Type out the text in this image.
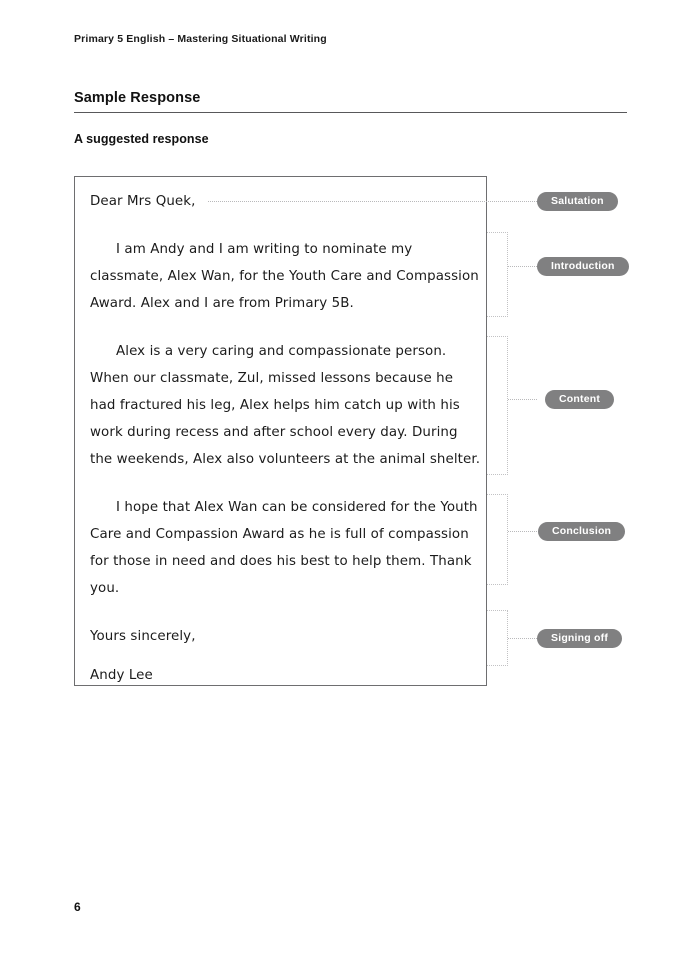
Primary 5 English – Mastering Situational Writing
Sample Response
A suggested response

Dear Mrs Quek,

I am Andy and I am writing to nominate my classmate, Alex Wan, for the Youth Care and Compassion Award. Alex and I are from Primary 5B.

Alex is a very caring and compassionate person. When our classmate, Zul, missed lessons because he had fractured his leg, Alex helps him catch up with his work during recess and after school every day. During the weekends, Alex also volunteers at the animal shelter.

I hope that Alex Wan can be considered for the Youth Care and Compassion Award as he is full of compassion for those in need and does his best to help them. Thank you.

Yours sincerely,

Andy Lee

Salutation
Introduction
Content
Conclusion
Signing off
6
